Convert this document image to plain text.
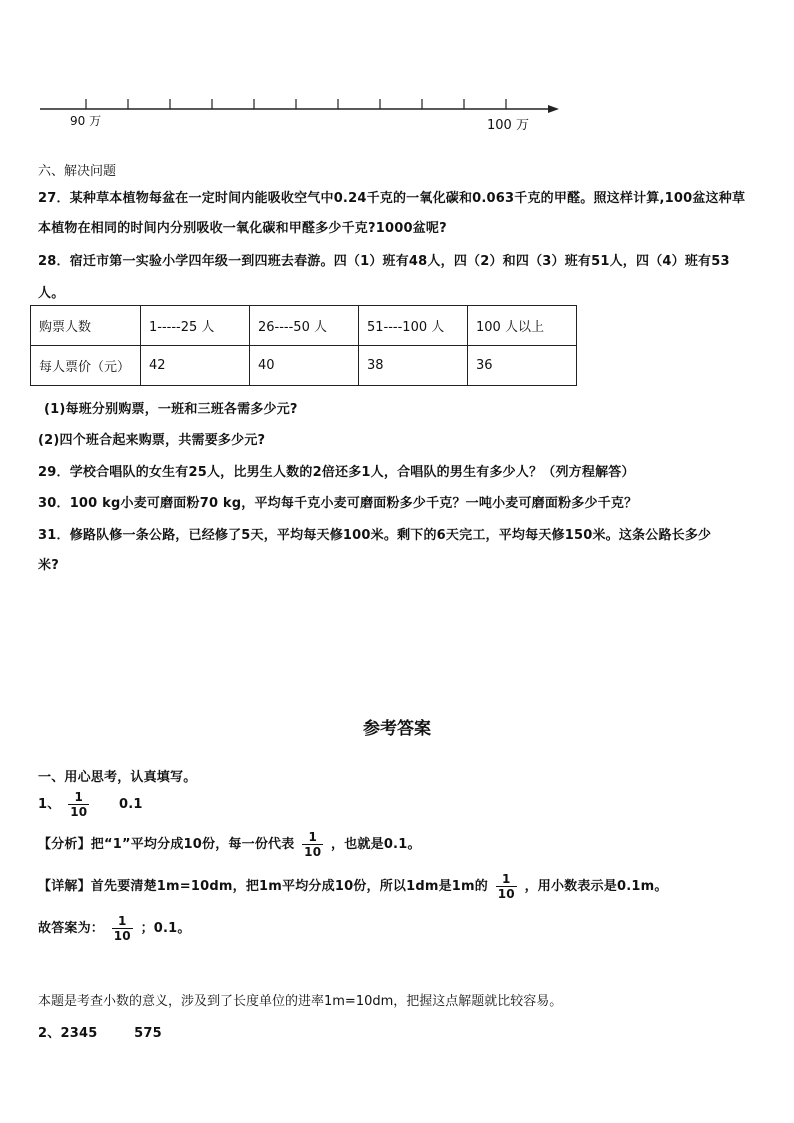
90 万	100 万
六、解决问题
27．某种草本植物每盆在一定时间内能吸收空气中0.24千克的一氧化碳和0.063千克的甲醛。照这样计算,100盆这种草
本植物在相同的时间内分别吸收一氧化碳和甲醛多少千克?1000盆呢?
28．宿迁市第一实验小学四年级一到四班去春游。四（1）班有48人，四（2）和四（3）班有51人，四（4）班有53
人。
购票人数	1-----25 人	26----50 人	51----100 人	100 人以上
每人票价（元）	42	40	38	36
(1)每班分别购票，一班和三班各需多少元?
(2)四个班合起来购票，共需要多少元?
29．学校合唱队的女生有25人，比男生人数的2倍还多1人，合唱队的男生有多少人？（列方程解答）
30．100 kg小麦可磨面粉70 kg，平均每千克小麦可磨面粉多少千克？一吨小麦可磨面粉多少千克？
31．修路队修一条公路，已经修了5天，平均每天修100米。剩下的6天完工，平均每天修150米。这条公路长多少
米?
参考答案
一、用心思考，认真填写。
1、 $\frac{1}{10} 0.1$
【分析】把“1”平均分成10份，每一份代表 $\frac{1}{10}$ ，也就是0.1。
【详解】首先要清楚1m=10dm，把1m平均分成10份，所以1dm是1m的 $\frac{1}{10}$ ，用小数表示是0.1m。
故答案为： $\frac{1}{10}$ ；0.1。
本题是考查小数的意义，涉及到了长度单位的进率1m=10dm，把握这点解题就比较容易。
2、2345	575
